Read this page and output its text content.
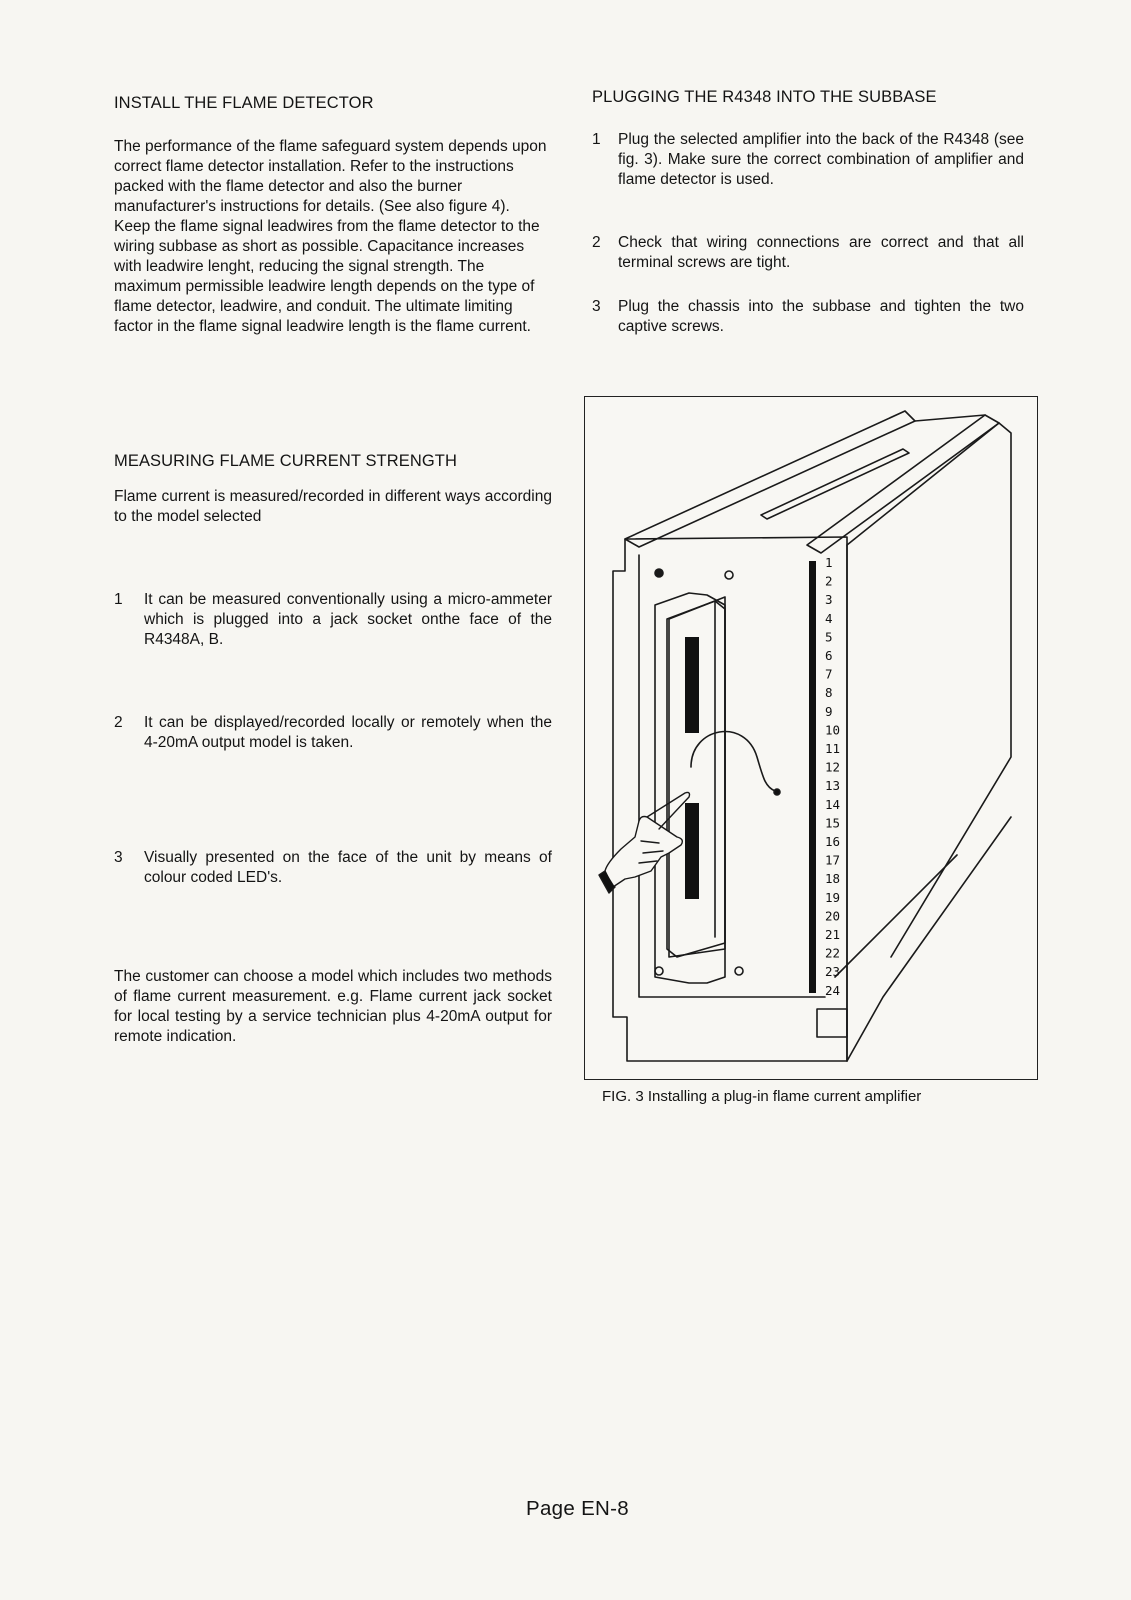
INSTALL THE FLAME DETECTOR

The performance of the flame safeguard system depends upon correct flame detector installation. Refer to the instructions packed with the flame detector and also the burner manufacturer's instructions for details. (See also figure 4).

Keep the flame signal leadwires from the flame detector to the wiring subbase as short as possible. Capacitance increases with leadwire lenght, reducing the signal strength. The maximum permissible leadwire length depends on the type of flame detector, leadwire, and conduit. The ultimate limiting factor in the flame signal leadwire length is the flame current.

MEASURING FLAME CURRENT STRENGTH

Flame current is measured/recorded in different ways according to the model selected

1 It can be measured conventionally using a micro-ammeter which is plugged into a jack socket onthe face of the R4348A, B.
2 It can be displayed/recorded locally or remotely when the 4-20mA output model is taken.
3 Visually presented on the face of the unit by means of colour coded LED's.

The customer can choose a model which includes two methods of flame current measurement. e.g. Flame current jack socket for local testing by a service technician plus 4-20mA output for remote indication.

PLUGGING THE R4348 INTO THE SUBBASE
1 Plug the selected amplifier into the back of the R4348 (see fig. 3). Make sure the correct combination of amplifier and flame detector is used.
2 Check that wiring connections are correct and that all terminal screws are tight.
3 Plug the chassis into the subbase and tighten the two captive screws.
1
2
3
4
5
6
7
8
9
10
11
12
13
14
15
16
17
18
19
20
21
22
23
24
FIG. 3 Installing a plug-in flame current amplifier
Page EN-8
